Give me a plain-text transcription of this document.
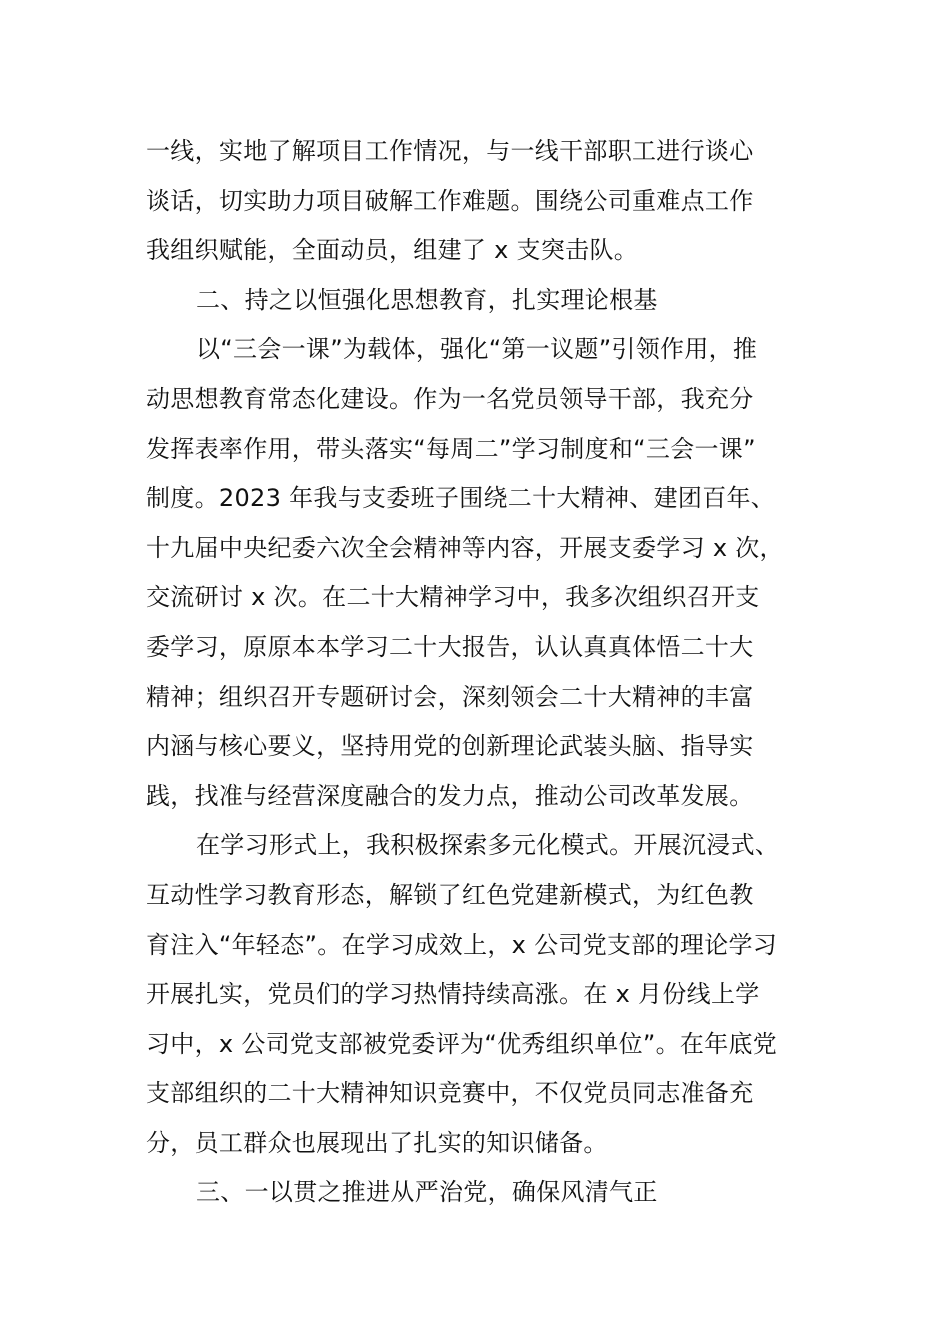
一线，实地了解项目工作情况，与一线干部职工进行谈心
谈话，切实助力项目破解工作难题。围绕公司重难点工作
我组织赋能，全面动员，组建了 x 支突击队。
二、持之以恒强化思想教育，扎实理论根基
以“三会一课”为载体，强化“第一议题”引领作用，推
动思想教育常态化建设。作为一名党员领导干部，我充分
发挥表率作用，带头落实“每周二”学习制度和“三会一课”
制度。2023 年我与支委班子围绕二十大精神、建团百年、
十九届中央纪委六次全会精神等内容，开展支委学习 x 次，
交流研讨 x 次。在二十大精神学习中，我多次组织召开支
委学习，原原本本学习二十大报告，认认真真体悟二十大
精神；组织召开专题研讨会，深刻领会二十大精神的丰富
内涵与核心要义，坚持用党的创新理论武装头脑、指导实
践，找准与经营深度融合的发力点，推动公司改革发展。
在学习形式上，我积极探索多元化模式。开展沉浸式、
互动性学习教育形态，解锁了红色党建新模式，为红色教
育注入“年轻态”。在学习成效上，x 公司党支部的理论学习
开展扎实，党员们的学习热情持续高涨。在 x 月份线上学
习中，x 公司党支部被党委评为“优秀组织单位”。在年底党
支部组织的二十大精神知识竞赛中，不仅党员同志准备充
分，员工群众也展现出了扎实的知识储备。
三、一以贯之推进从严治党，确保风清气正
